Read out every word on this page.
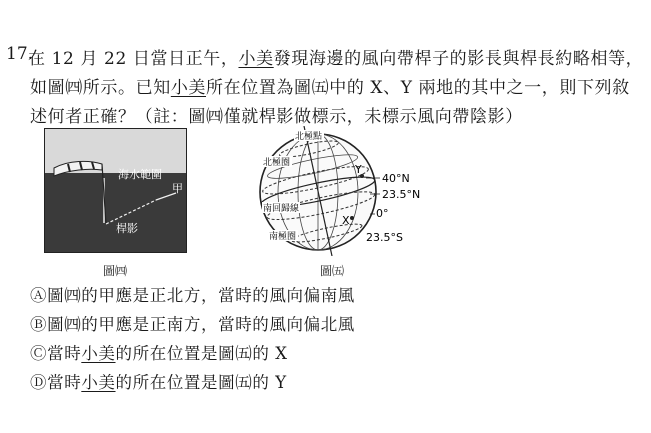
17.
在 12 月 22 日當日正午，小美發現海邊的風向帶桿子的影長與桿長約略相等，
如圖㈣所示。已知小美所在位置為圖㈤中的 X、Y 兩地的其中之一，則下列敘
述何者正確？（註：圖㈣僅就桿影做標示，未標示風向帶陰影）
海水範圍
甲
桿影
圖㈣
北極點
北極圈
南回歸線
南極圈
Y
X
40°N
23.5°N
0°
23.5°S
圖㈤
Ⓐ圖㈣的甲應是正北方，當時的風向偏南風
Ⓑ圖㈣的甲應是正南方，當時的風向偏北風
Ⓒ當時小美的所在位置是圖㈤的 X
Ⓓ當時小美的所在位置是圖㈤的 Y
